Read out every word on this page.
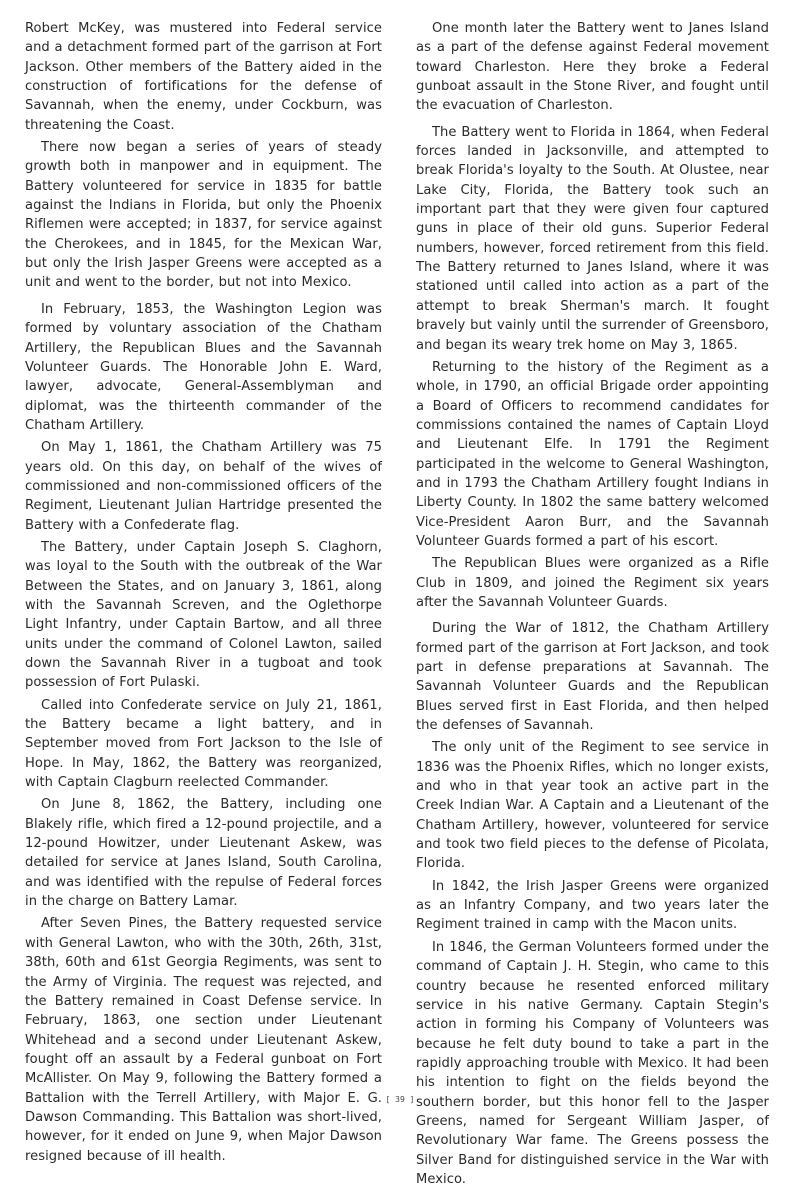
Robert McKey, was mustered into Federal service and a detachment formed part of the garrison at Fort Jackson. Other members of the Battery aided in the construction of fortifications for the defense of Savannah, when the enemy, under Cockburn, was threatening the Coast.

There now began a series of years of steady growth both in manpower and in equipment. The Battery volunteered for service in 1835 for battle against the Indians in Florida, but only the Phoenix Riflemen were accepted; in 1837, for service against the Cherokees, and in 1845, for the Mexican War, but only the Irish Jasper Greens were accepted as a unit and went to the border, but not into Mexico.

In February, 1853, the Washington Legion was formed by voluntary association of the Chatham Artillery, the Republican Blues and the Savannah Volunteer Guards. The Honorable John E. Ward, lawyer, advocate, General-Assemblyman and diplomat, was the thirteenth commander of the Chatham Artillery.

On May 1, 1861, the Chatham Artillery was 75 years old. On this day, on behalf of the wives of commissioned and non-commissioned officers of the Regiment, Lieutenant Julian Hartridge presented the Battery with a Confederate flag.

The Battery, under Captain Joseph S. Claghorn, was loyal to the South with the outbreak of the War Between the States, and on January 3, 1861, along with the Savannah Screven, and the Oglethorpe Light Infantry, under Captain Bartow, and all three units under the command of Colonel Lawton, sailed down the Savannah River in a tugboat and took possession of Fort Pulaski.

Called into Confederate service on July 21, 1861, the Battery became a light battery, and in September moved from Fort Jackson to the Isle of Hope. In May, 1862, the Battery was reorganized, with Captain Clagburn reelected Commander.

On June 8, 1862, the Battery, including one Blakely rifle, which fired a 12-pound projectile, and a 12-pound Howitzer, under Lieutenant Askew, was detailed for service at Janes Island, South Carolina, and was identified with the repulse of Federal forces in the charge on Battery Lamar.

After Seven Pines, the Battery requested service with General Lawton, who with the 30th, 26th, 31st, 38th, 60th and 61st Georgia Regiments, was sent to the Army of Virginia. The request was rejected, and the Battery remained in Coast Defense service. In February, 1863, one section under Lieutenant Whitehead and a second under Lieutenant Askew, fought off an assault by a Federal gunboat on Fort McAllister. On May 9, following the Battery formed a Battalion with the Terrell Artillery, with Major E. G. Dawson Commanding. This Battalion was short-lived, however, for it ended on June 9, when Major Dawson resigned because of ill health.

One month later the Battery went to Janes Island as a part of the defense against Federal movement toward Charleston. Here they broke a Federal gunboat assault in the Stone River, and fought until the evacuation of Charleston.

The Battery went to Florida in 1864, when Federal forces landed in Jacksonville, and attempted to break Florida's loyalty to the South. At Olustee, near Lake City, Florida, the Battery took such an important part that they were given four captured guns in place of their old guns. Superior Federal numbers, however, forced retirement from this field. The Battery returned to Janes Island, where it was stationed until called into action as a part of the attempt to break Sherman's march. It fought bravely but vainly until the surrender of Greensboro, and began its weary trek home on May 3, 1865.

Returning to the history of the Regiment as a whole, in 1790, an official Brigade order appointing a Board of Officers to recommend candidates for commissions contained the names of Captain Lloyd and Lieutenant Elfe. In 1791 the Regiment participated in the welcome to General Washington, and in 1793 the Chatham Artillery fought Indians in Liberty County. In 1802 the same battery welcomed Vice-President Aaron Burr, and the Savannah Volunteer Guards formed a part of his escort.

The Republican Blues were organized as a Rifle Club in 1809, and joined the Regiment six years after the Savannah Volunteer Guards.

During the War of 1812, the Chatham Artillery formed part of the garrison at Fort Jackson, and took part in defense preparations at Savannah. The Savannah Volunteer Guards and the Republican Blues served first in East Florida, and then helped the defenses of Savannah.

The only unit of the Regiment to see service in 1836 was the Phoenix Rifles, which no longer exists, and who in that year took an active part in the Creek Indian War. A Captain and a Lieutenant of the Chatham Artillery, however, volunteered for service and took two field pieces to the defense of Picolata, Florida.

In 1842, the Irish Jasper Greens were organized as an Infantry Company, and two years later the Regiment trained in camp with the Macon units.

In 1846, the German Volunteers formed under the command of Captain J. H. Stegin, who came to this country because he resented enforced military service in his native Germany. Captain Stegin's action in forming his Company of Volunteers was because he felt duty bound to take a part in the rapidly approaching trouble with Mexico. It had been his intention to fight on the fields beyond the southern border, but this honor fell to the Jasper Greens, named for Sergeant William Jasper, of Revolutionary War fame. The Greens possess the Silver Band for distinguished service in the War with Mexico.

[ 39 ]
